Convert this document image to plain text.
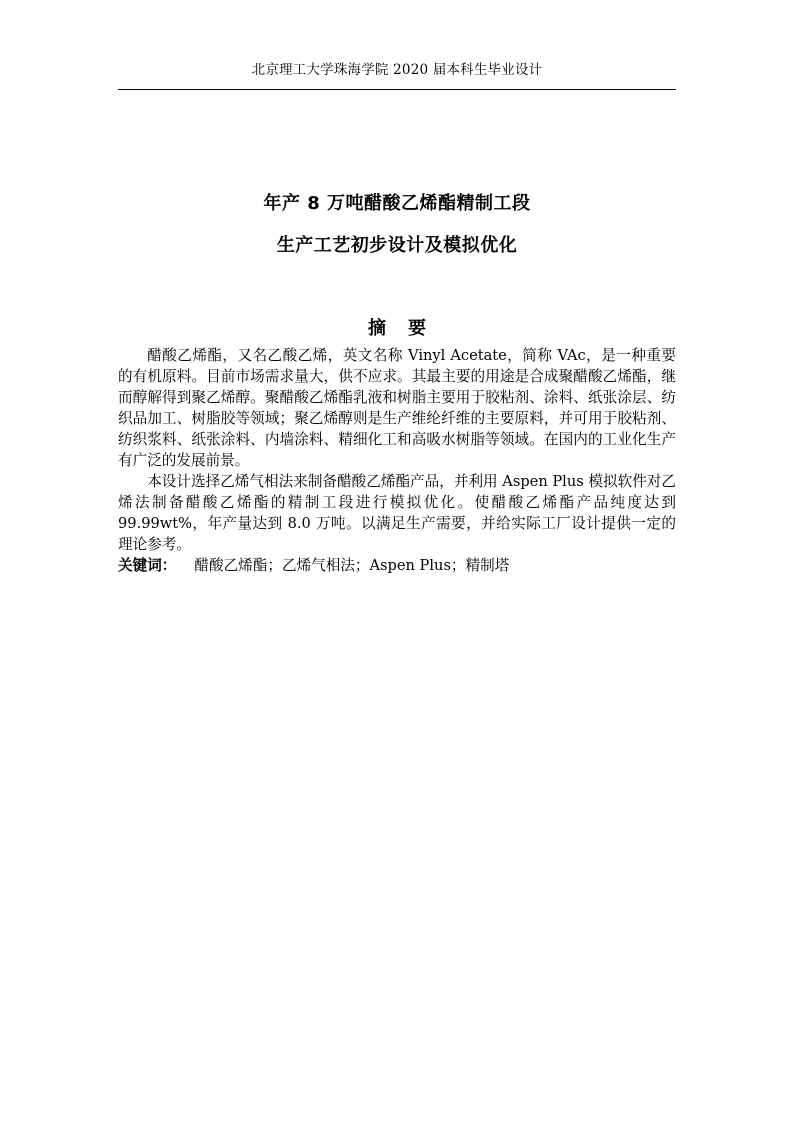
北京理工大学珠海学院 2020 届本科生毕业设计
年产 8 万吨醋酸乙烯酯精制工段
生产工艺初步设计及模拟优化
摘 要

醋酸乙烯酯，又名乙酸乙烯，英文名称 Vinyl Acetate，简称 VAc，是一种重要的有机原料。目前市场需求量大，供不应求。其最主要的用途是合成聚醋酸乙烯酯，继而醇解得到聚乙烯醇。聚醋酸乙烯酯乳液和树脂主要用于胶粘剂、涂料、纸张涂层、纺织品加工、树脂胶等领域；聚乙烯醇则是生产维纶纤维的主要原料，并可用于胶粘剂、纺织浆料、纸张涂料、内墙涂料、精细化工和高吸水树脂等领域。在国内的工业化生产有广泛的发展前景。

本设计选择乙烯气相法来制备醋酸乙烯酯产品，并利用 Aspen Plus 模拟软件对乙烯法制备醋酸乙烯酯的精制工段进行模拟优化。使醋酸乙烯酯产品纯度达到 99.99wt%，年产量达到 8.0 万吨。以满足生产需要，并给实际工厂设计提供一定的理论参考。

关键词： 醋酸乙烯酯；乙烯气相法；Aspen Plus；精制塔
